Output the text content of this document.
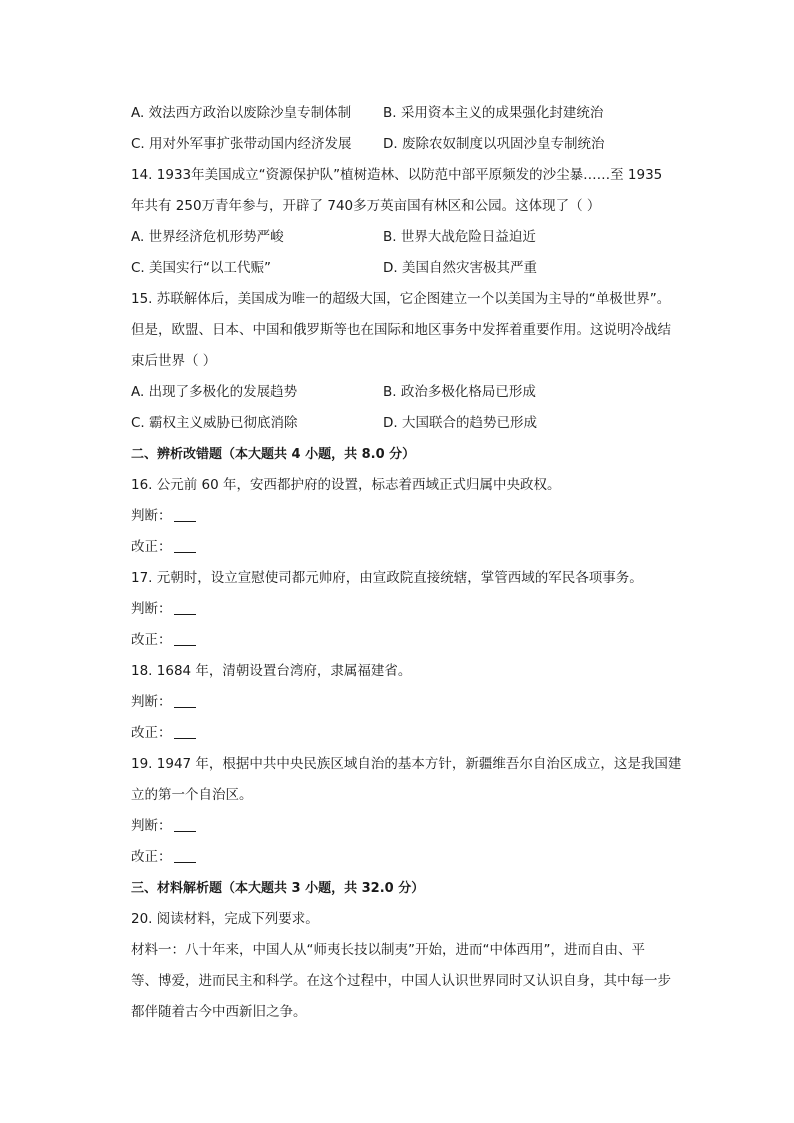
A. 效法西方政治以废除沙皇专制体制	B. 采用资本主义的成果强化封建统治
C. 用对外军事扩张带动国内经济发展	D. 废除农奴制度以巩固沙皇专制统治
14. 1933年美国成立“资源保护队”植树造林、以防范中部平原频发的沙尘暴……至 1935
年共有 250万青年参与，开辟了 740多万英亩国有林区和公园。这体现了（ ）
A. 世界经济危机形势严峻	B. 世界大战危险日益迫近
C. 美国实行“以工代赈”	D. 美国自然灾害极其严重
15. 苏联解体后，美国成为唯一的超级大国，它企图建立一个以美国为主导的“单极世界”。
但是，欧盟、日本、中国和俄罗斯等也在国际和地区事务中发挥着重要作用。这说明冷战结
束后世界（ ）
A. 出现了多极化的发展趋势	B. 政治多极化格局已形成
C. 霸权主义威胁已彻底消除	D. 大国联合的趋势已形成
二、辨析改错题（本大题共 4 小题，共 8.0 分）
16. 公元前 60 年，安西都护府的设置，标志着西域正式归属中央政权。
判断：
改正：
17. 元朝时，设立宣慰使司都元帅府，由宣政院直接统辖，掌管西域的军民各项事务。
判断：
改正：
18. 1684 年，清朝设置台湾府，隶属福建省。
判断：
改正：
19. 1947 年，根据中共中央民族区域自治的基本方针，新疆维吾尔自治区成立，这是我国建
立的第一个自治区。
判断：
改正：
三、材料解析题（本大题共 3 小题，共 32.0 分）
20. 阅读材料，完成下列要求。
材料一：八十年来，中国人从“师夷长技以制夷”开始，进而“中体西用”，进而自由、平
等、博爱，进而民主和科学。在这个过程中，中国人认识世界同时又认识自身，其中每一步
都伴随着古今中西新旧之争。
